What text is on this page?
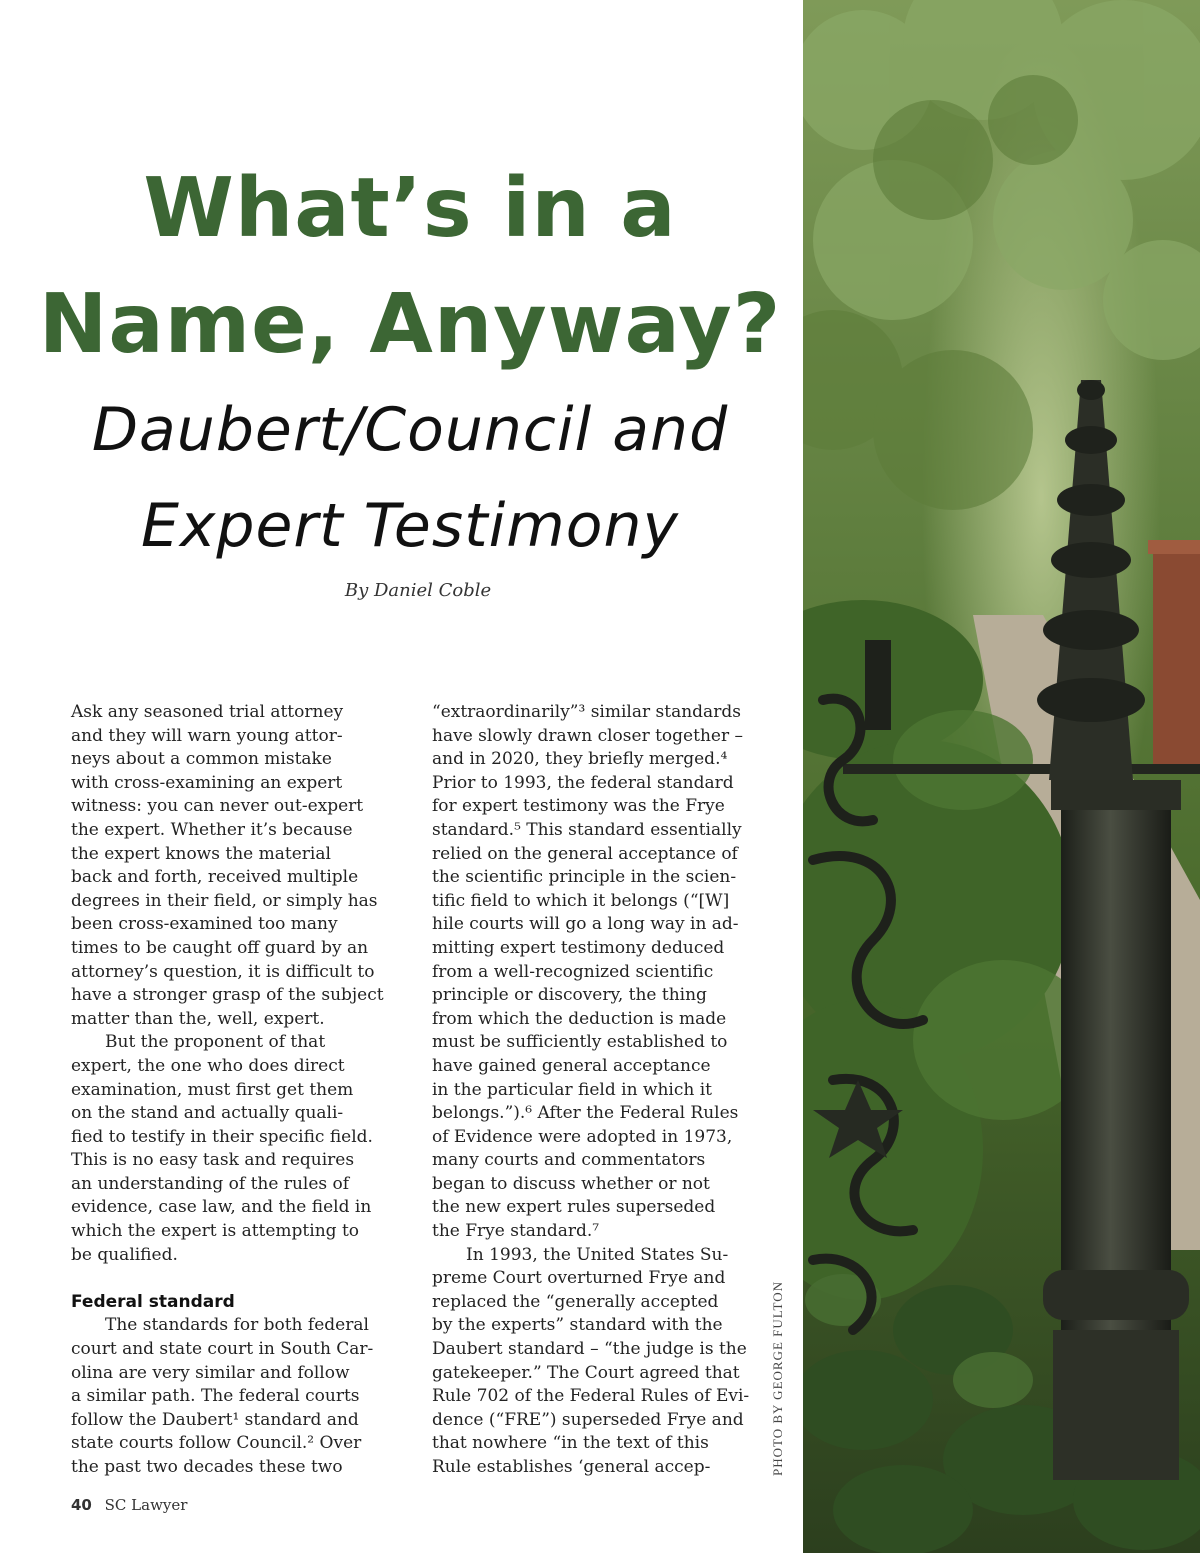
What’s in a
Name, Anyway?
Daubert/Council and
Expert Testimony
By Daniel Coble
Ask any seasoned trial attorney
and they will warn young attor-
neys about a common mistake
with cross-examining an expert
witness: you can never out-expert
the expert. Whether it’s because
the expert knows the material
back and forth, received multiple
degrees in their field, or simply has
been cross-examined too many
times to be caught off guard by an
attorney’s question, it is difficult to
have a stronger grasp of the subject
matter than the, well, expert.
But the proponent of that
expert, the one who does direct
examination, must first get them
on the stand and actually quali-
fied to testify in their specific field.
This is no easy task and requires
an understanding of the rules of
evidence, case law, and the field in
which the expert is attempting to
be qualified.
Federal standard
The standards for both federal
court and state court in South Car-
olina are very similar and follow
a similar path. The federal courts
follow the Daubert¹ standard and
state courts follow Council.² Over
the past two decades these two
“extraordinarily”³ similar standards
have slowly drawn closer together –
and in 2020, they briefly merged.⁴
Prior to 1993, the federal standard
for expert testimony was the Frye
standard.⁵ This standard essentially
relied on the general acceptance of
the scientific principle in the scien-
tific field to which it belongs (“[W]
hile courts will go a long way in ad-
mitting expert testimony deduced
from a well-recognized scientific
principle or discovery, the thing
from which the deduction is made
must be sufficiently established to
have gained general acceptance
in the particular field in which it
belongs.”).⁶ After the Federal Rules
of Evidence were adopted in 1973,
many courts and commentators
began to discuss whether or not
the new expert rules superseded
the Frye standard.⁷
In 1993, the United States Su-
preme Court overturned Frye and
replaced the “generally accepted
by the experts” standard with the
Daubert standard – “the judge is the
gatekeeper.” The Court agreed that
Rule 702 of the Federal Rules of Evi-
dence (“FRE”) superseded Frye and
that nowhere “in the text of this
Rule establishes ‘general accep-
40 SC Lawyer
PHOTO BY GEORGE FULTON
